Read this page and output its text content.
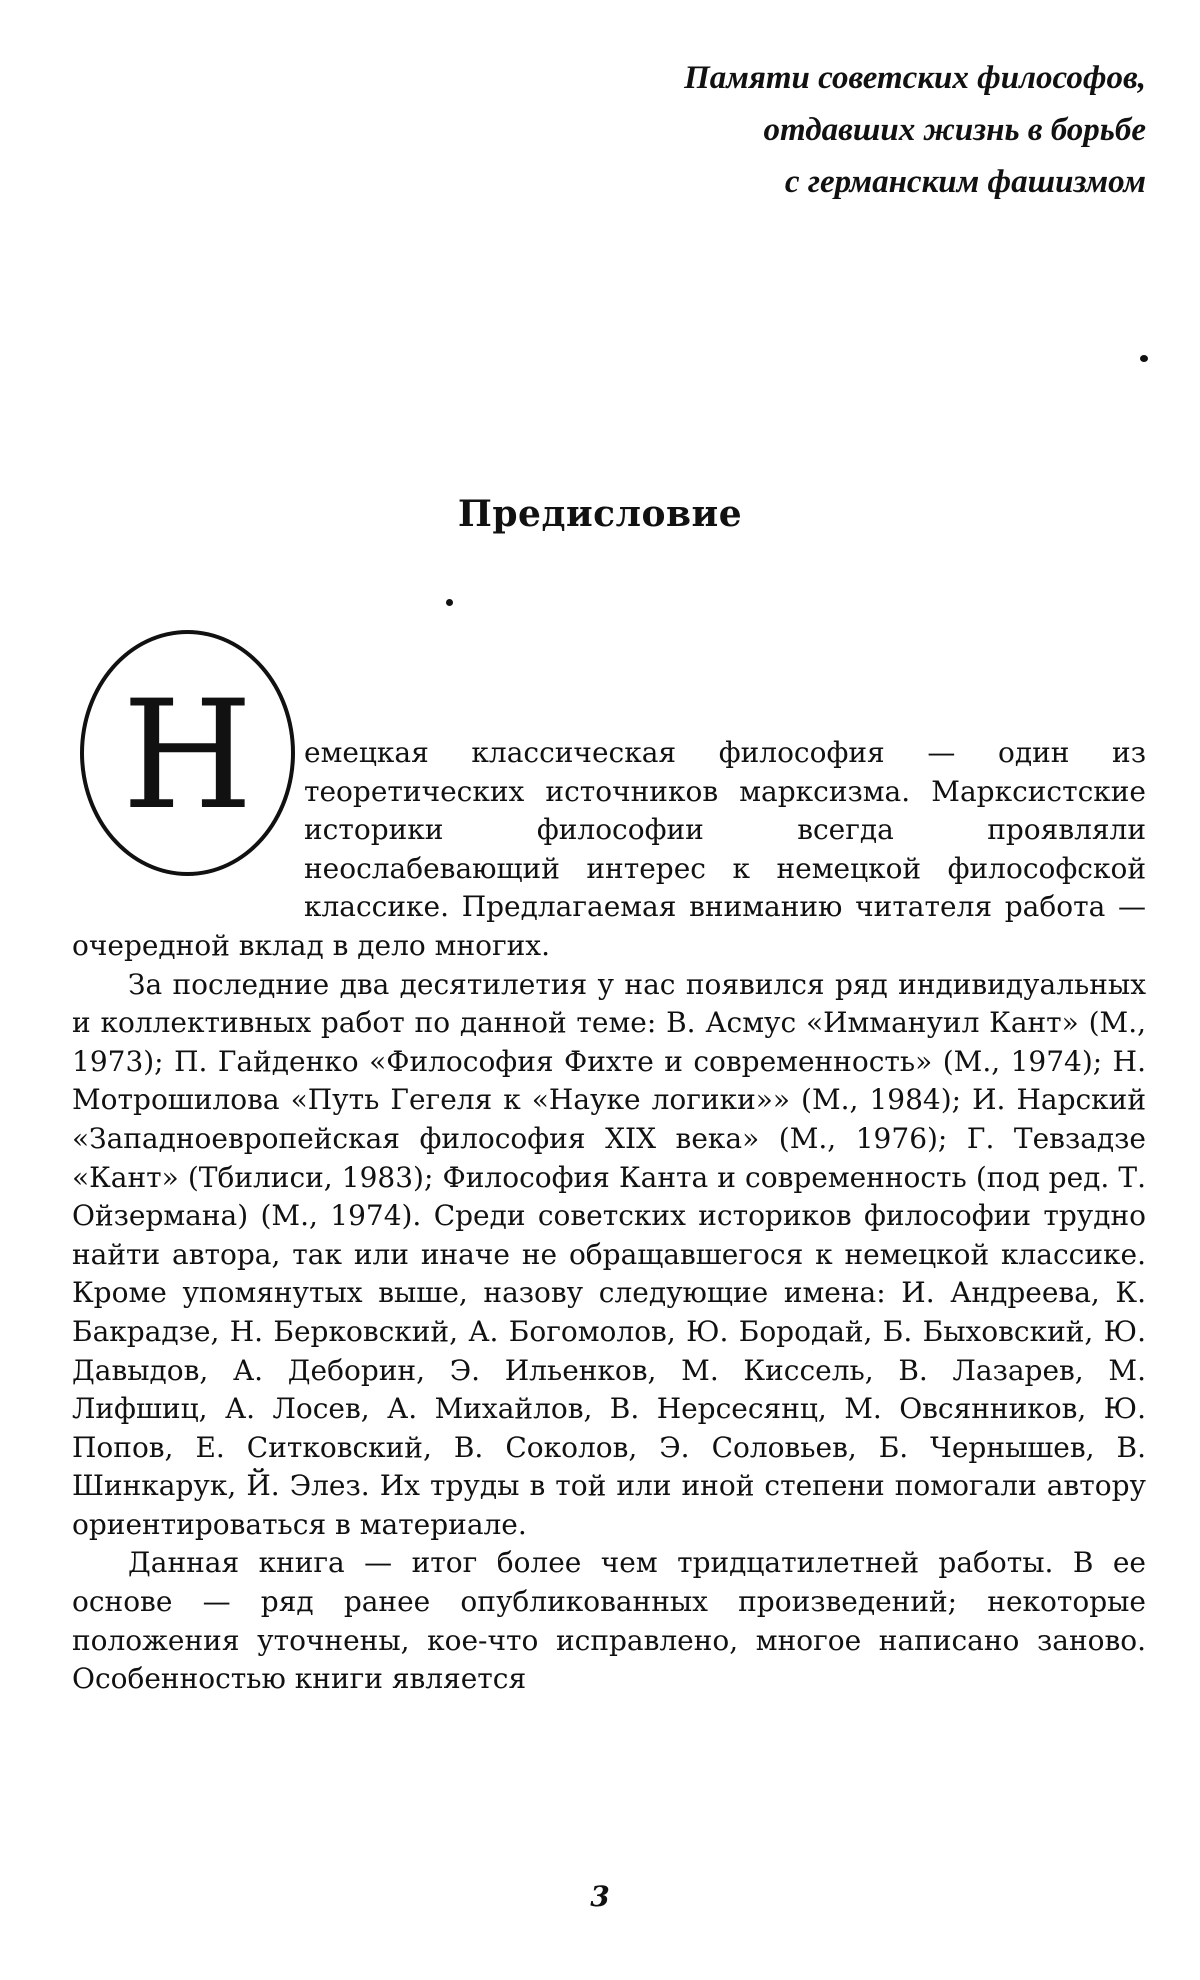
Памяти советских философов,
отдавших жизнь в борьбе
с германским фашизмом
Предисловие
Н	емецкая классическая философия — один из теоретических источников марксизма. Марксистские историки философии всегда проявляли неослабевающий интерес к немецкой философской классике. Предлагаемая вниманию читателя работа — очередной вклад в дело многих.

За последние два десятилетия у нас появился ряд индивидуальных и коллективных работ по данной теме: В. Асмус «Иммануил Кант» (М., 1973); П. Гайденко «Философия Фихте и современность» (М., 1974); Н. Мотрошилова «Путь Гегеля к «Науке логики»» (М., 1984); И. Нарский «Западноевропейская философия XIX века» (М., 1976); Г. Тевзадзе «Кант» (Тбилиси, 1983); Философия Канта и современность (под ред. Т. Ойзермана) (М., 1974). Среди советских историков философии трудно найти автора, так или иначе не обращавшегося к немецкой классике. Кроме упомянутых выше, назову следующие имена: И. Андреева, К. Бакрадзе, Н. Берковский, А. Богомолов, Ю. Бородай, Б. Быховский, Ю. Давыдов, А. Деборин, Э. Ильенков, М. Киссель, В. Лазарев, М. Лифшиц, А. Лосев, А. Михайлов, В. Нерсесянц, М. Овсянников, Ю. Попов, Е. Ситковский, В. Соколов, Э. Соловьев, Б. Чернышев, В. Шинкарук, Й. Элез. Их труды в той или иной степени помогали автору ориентироваться в материале.

Данная книга — итог более чем тридцатилетней работы. В ее основе — ряд ранее опубликованных произведений; некоторые положения уточнены, кое-что исправлено, многое написано заново. Особенностью книги является

3
